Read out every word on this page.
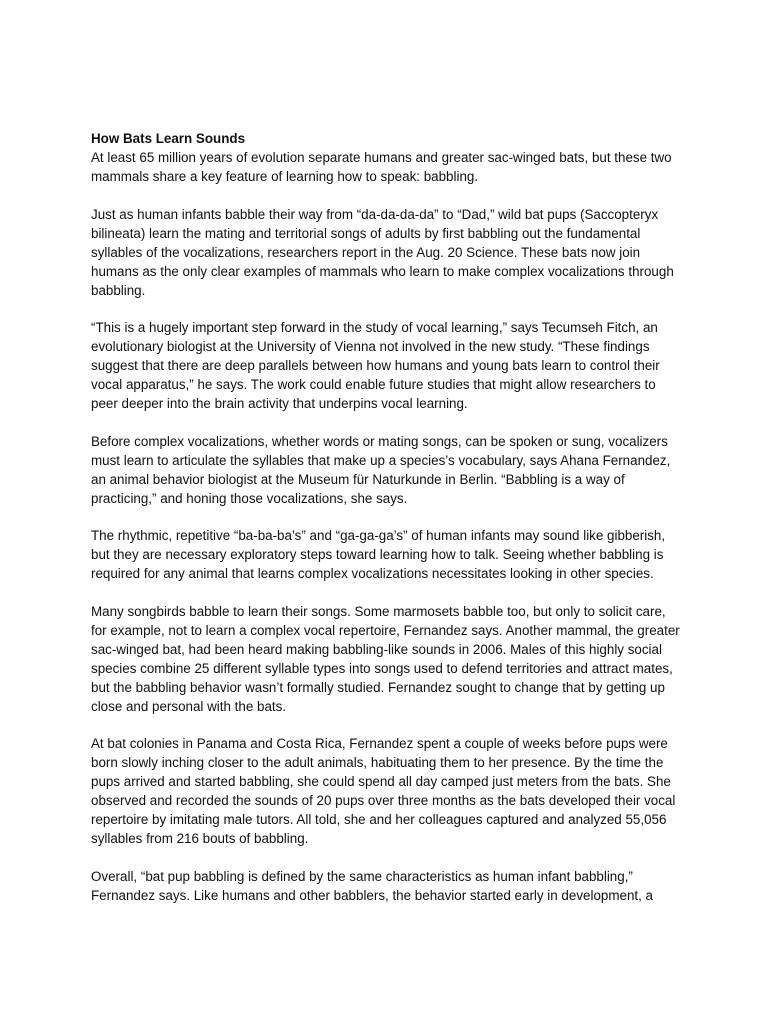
How Bats Learn Sounds

At least 65 million years of evolution separate humans and greater sac-winged bats, but these two mammals share a key feature of learning how to speak: babbling.

Just as human infants babble their way from “da-da-da-da” to “Dad,” wild bat pups (Saccopteryx bilineata) learn the mating and territorial songs of adults by first babbling out the fundamental syllables of the vocalizations, researchers report in the Aug. 20 Science. These bats now join humans as the only clear examples of mammals who learn to make complex vocalizations through babbling.

“This is a hugely important step forward in the study of vocal learning,” says Tecumseh Fitch, an evolutionary biologist at the University of Vienna not involved in the new study. “These findings suggest that there are deep parallels between how humans and young bats learn to control their vocal apparatus,” he says. The work could enable future studies that might allow researchers to peer deeper into the brain activity that underpins vocal learning.

Before complex vocalizations, whether words or mating songs, can be spoken or sung, vocalizers must learn to articulate the syllables that make up a species’s vocabulary, says Ahana Fernandez, an animal behavior biologist at the Museum für Naturkunde in Berlin. “Babbling is a way of practicing,” and honing those vocalizations, she says.

The rhythmic, repetitive “ba-ba-ba’s” and “ga-ga-ga’s” of human infants may sound like gibberish, but they are necessary exploratory steps toward learning how to talk. Seeing whether babbling is required for any animal that learns complex vocalizations necessitates looking in other species.

Many songbirds babble to learn their songs. Some marmosets babble too, but only to solicit care, for example, not to learn a complex vocal repertoire, Fernandez says. Another mammal, the greater sac-winged bat, had been heard making babbling-like sounds in 2006. Males of this highly social species combine 25 different syllable types into songs used to defend territories and attract mates, but the babbling behavior wasn’t formally studied. Fernandez sought to change that by getting up close and personal with the bats.

At bat colonies in Panama and Costa Rica, Fernandez spent a couple of weeks before pups were born slowly inching closer to the adult animals, habituating them to her presence. By the time the pups arrived and started babbling, she could spend all day camped just meters from the bats. She observed and recorded the sounds of 20 pups over three months as the bats developed their vocal repertoire by imitating male tutors. All told, she and her colleagues captured and analyzed 55,056 syllables from 216 bouts of babbling.

Overall, “bat pup babbling is defined by the same characteristics as human infant babbling,” Fernandez says. Like humans and other babblers, the behavior started early in development, a
